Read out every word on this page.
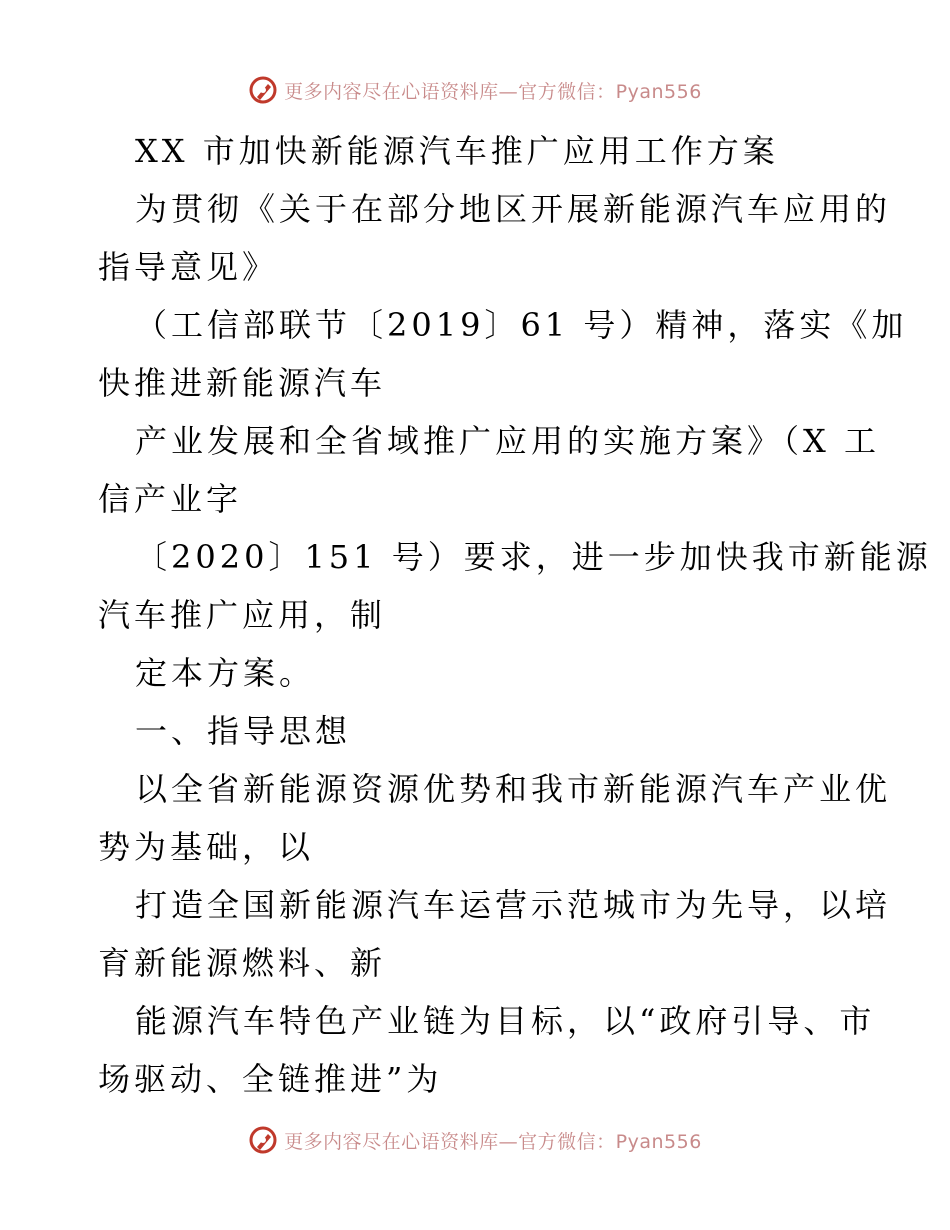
更多内容尽在心语资料库—官方微信：Pyan556
XX 市加快新能源汽车推广应用工作方案
为贯彻《关于在部分地区开展新能源汽车应用的
指导意见》
（工信部联节〔2019〕61 号）精神，落实《加
快推进新能源汽车
产业发展和全省域推广应用的实施方案》（X 工
信产业字
〔2020〕151 号）要求，进一步加快我市新能源
汽车推广应用，制
定本方案。
一、指导思想
以全省新能源资源优势和我市新能源汽车产业优
势为基础，以
打造全国新能源汽车运营示范城市为先导，以培
育新能源燃料、新
能源汽车特色产业链为目标，以“政府引导、市
场驱动、全链推进”为
更多内容尽在心语资料库—官方微信：Pyan556
